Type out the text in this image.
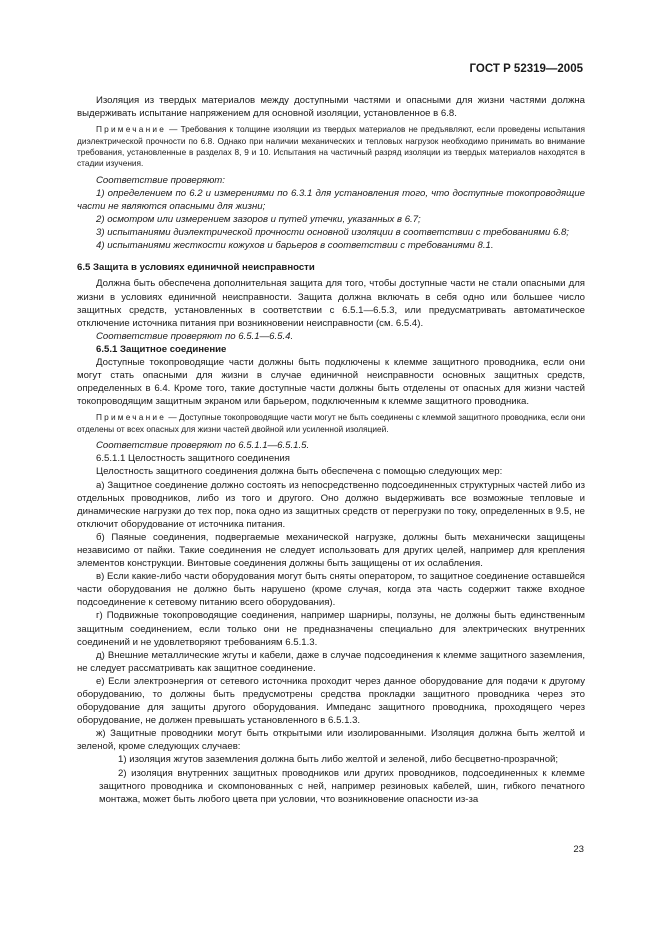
ГОСТ Р 52319—2005

Изоляция из твердых материалов между доступными частями и опасными для жизни частями должна выдерживать испытание напряжением для основной изоляции, установленное в 6.8.

Примечание — Требования к толщине изоляции из твердых материалов не предъявляют, если проведены испытания диэлектрической прочности по 6.8. Однако при наличии механических и тепловых нагрузок необходимо принимать во внимание требования, установленные в разделах 8, 9 и 10. Испытания на частичный разряд изоляции из твердых материалов находятся в стадии изучения.

Соответствие проверяют:

1) определением по 6.2 и измерениями по 6.3.1 для установления того, что доступные токопроводящие части не являются опасными для жизни;

2) осмотром или измерением зазоров и путей утечки, указанных в 6.7;

3) испытаниями диэлектрической прочности основной изоляции в соответствии с требованиями 6.8;

4) испытаниями жесткости кожухов и барьеров в соответствии с требованиями 8.1.

6.5 Защита в условиях единичной неисправности

Должна быть обеспечена дополнительная защита для того, чтобы доступные части не стали опасными для жизни в условиях единичной неисправности. Защита должна включать в себя одно или большее число защитных средств, установленных в соответствии с 6.5.1—6.5.3, или предусматривать автоматическое отключение источника питания при возникновении неисправности (см. 6.5.4).

Соответствие проверяют по 6.5.1—6.5.4.

6.5.1 Защитное соединение

Доступные токопроводящие части должны быть подключены к клемме защитного проводника, если они могут стать опасными для жизни в случае единичной неисправности основных защитных средств, определенных в 6.4. Кроме того, такие доступные части должны быть отделены от опасных для жизни частей токопроводящим защитным экраном или барьером, подключенным к клемме защитного проводника.

Примечание — Доступные токопроводящие части могут не быть соединены с клеммой защитного проводника, если они отделены от всех опасных для жизни частей двойной или усиленной изоляцией.

Соответствие проверяют по 6.5.1.1—6.5.1.5.

6.5.1.1 Целостность защитного соединения

Целостность защитного соединения должна быть обеспечена с помощью следующих мер:

а) Защитное соединение должно состоять из непосредственно подсоединенных структурных частей либо из отдельных проводников, либо из того и другого. Оно должно выдерживать все возможные тепловые и динамические нагрузки до тех пор, пока одно из защитных средств от перегрузки по току, определенных в 9.5, не отключит оборудование от источника питания.

б) Паяные соединения, подвергаемые механической нагрузке, должны быть механически защищены независимо от пайки. Такие соединения не следует использовать для других целей, например для крепления элементов конструкции. Винтовые соединения должны быть защищены от их ослабления.

в) Если какие-либо части оборудования могут быть сняты оператором, то защитное соединение оставшейся части оборудования не должно быть нарушено (кроме случая, когда эта часть содержит также входное подсоединение к сетевому питанию всего оборудования).

г) Подвижные токопроводящие соединения, например шарниры, ползуны, не должны быть единственным защитным соединением, если только они не предназначены специально для электрических внутренних соединений и не удовлетворяют требованиям 6.5.1.3.

д) Внешние металлические жгуты и кабели, даже в случае подсоединения к клемме защитного заземления, не следует рассматривать как защитное соединение.

е) Если электроэнергия от сетевого источника проходит через данное оборудование для подачи к другому оборудованию, то должны быть предусмотрены средства прокладки защитного проводника через это оборудование для защиты другого оборудования. Импеданс защитного проводника, проходящего через оборудование, не должен превышать установленного в 6.5.1.3.

ж) Защитные проводники могут быть открытыми или изолированными. Изоляция должна быть желтой и зеленой, кроме следующих случаев:

1) изоляция жгутов заземления должна быть либо желтой и зеленой, либо бесцветно-прозрачной;

2) изоляция внутренних защитных проводников или других проводников, подсоединенных к клемме защитного проводника и скомпонованных с ней, например резиновых кабелей, шин, гибкого печатного монтажа, может быть любого цвета при условии, что возникновение опасности из-за

23
